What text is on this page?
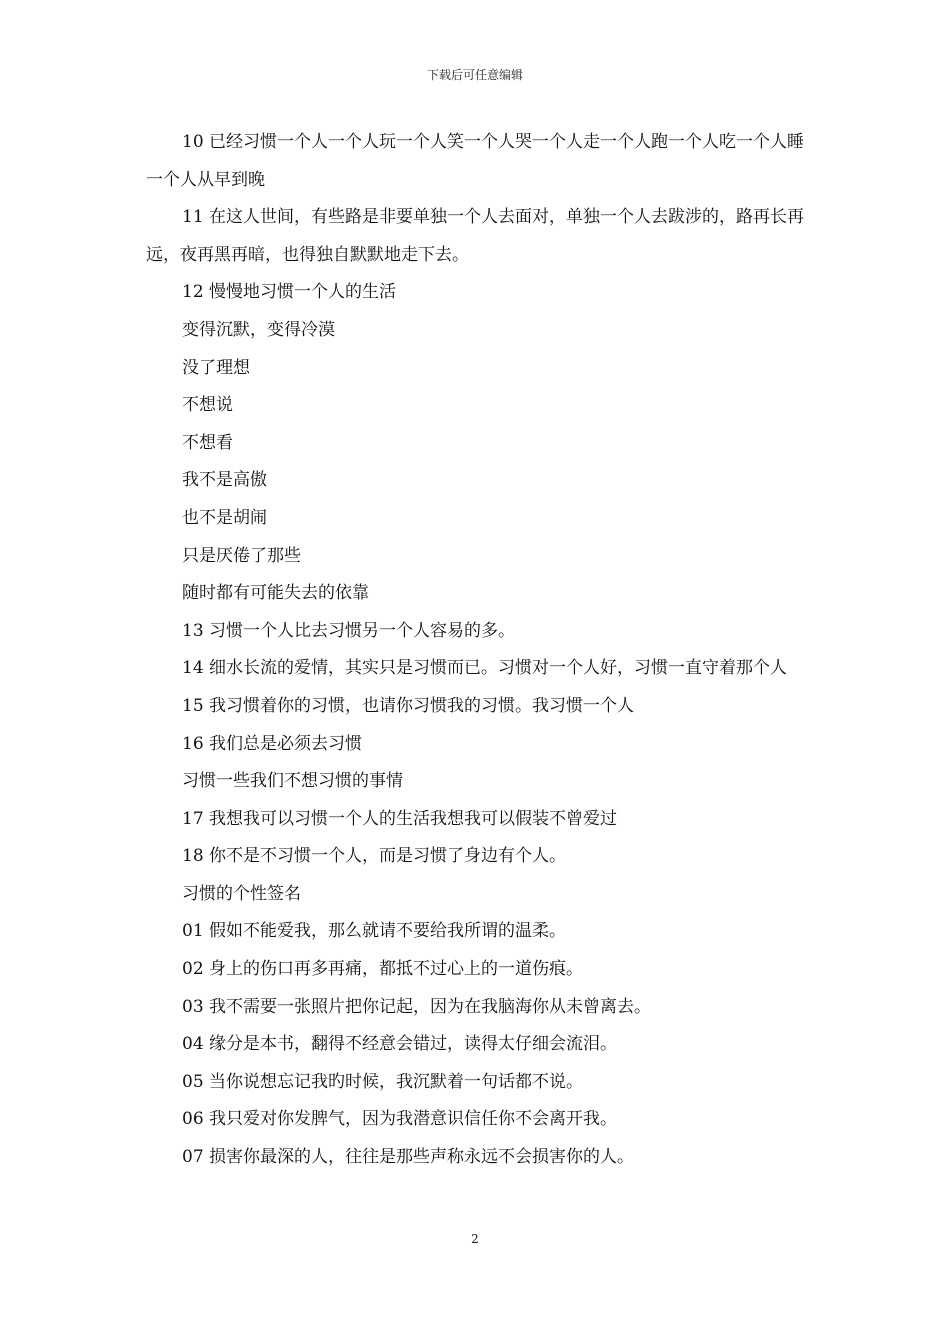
下载后可任意编辑

10 已经习惯一个人一个人玩一个人笑一个人哭一个人走一个人跑一个人吃一个人睡一个人从早到晚

11 在这人世间，有些路是非要单独一个人去面对，单独一个人去跋涉的，路再长再远，夜再黑再暗，也得独自默默地走下去。

12 慢慢地习惯一个人的生活

变得沉默，变得冷漠

没了理想

不想说

不想看

我不是高傲

也不是胡闹

只是厌倦了那些

随时都有可能失去的依靠

13 习惯一个人比去习惯另一个人容易的多。

14 细水长流的爱情，其实只是习惯而已。习惯对一个人好，习惯一直守着那个人

15 我习惯着你的习惯，也请你习惯我的习惯。我习惯一个人

16 我们总是必须去习惯

习惯一些我们不想习惯的事情

17 我想我可以习惯一个人的生活我想我可以假装不曾爱过

18 你不是不习惯一个人，而是习惯了身边有个人。

习惯的个性签名

01 假如不能爱我，那么就请不要给我所谓的温柔。

02 身上的伤口再多再痛，都抵不过心上的一道伤痕。

03 我不需要一张照片把你记起，因为在我脑海你从未曾离去。

04 缘分是本书，翻得不经意会错过，读得太仔细会流泪。

05 当你说想忘记我旳时候，我沉默着一句话都不说。

06 我只爱对你发脾气，因为我潜意识信任你不会离开我。

07 损害你最深的人，往往是那些声称永远不会损害你的人。

2
